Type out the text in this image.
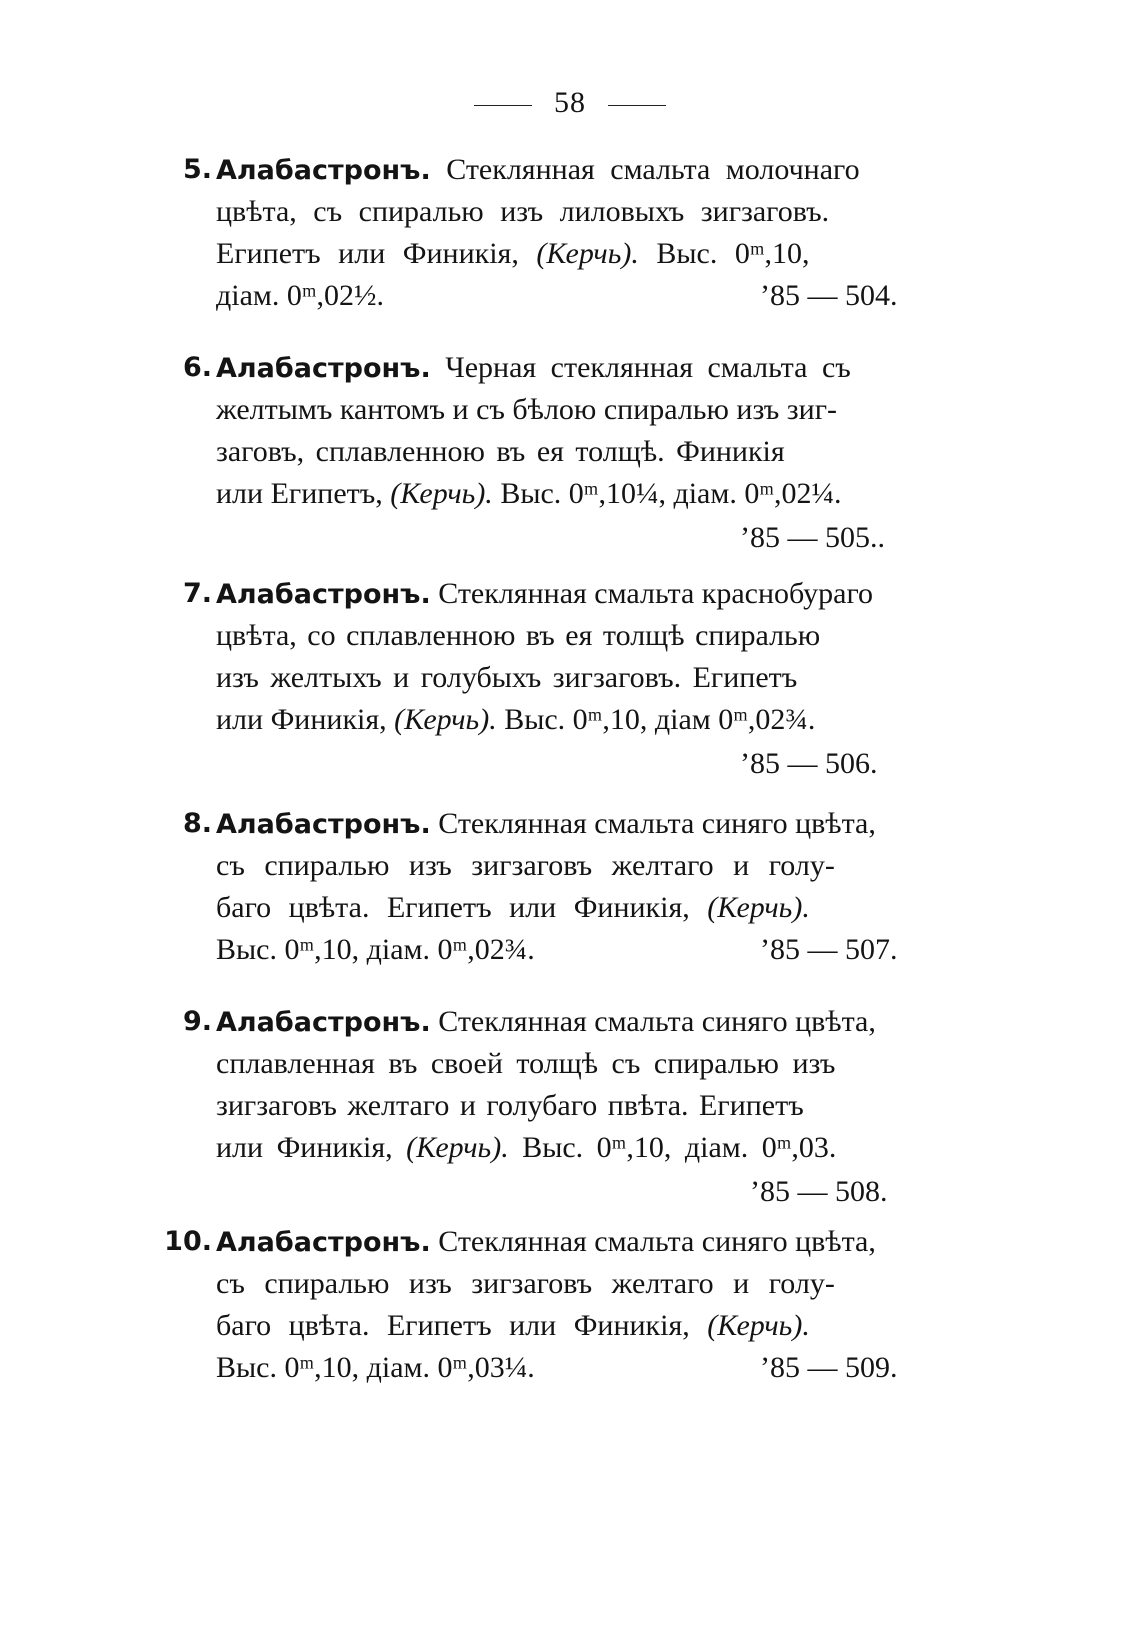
58
5. Алабастронъ. Стеклянная смальта молочнаго
цвѣта, съ спиралью изъ лиловыхъ зигзаговъ.
Египетъ или Финикія, (Керчь). Выс. 0ᵐ,10,
діам. 0ᵐ,02½.	’85 — 504.
6. Алабастронъ. Черная стеклянная смальта съ
желтымъ кантомъ и съ бѣлою спиралью изъ зиг-
заговъ, сплавленною въ ея толщѣ. Финикія
или Египетъ, (Керчь). Выс. 0ᵐ,10¼, діам. 0ᵐ,02¼.
’85 — 505..
7. Алабастронъ. Стеклянная смальта краснобураго
цвѣта, со сплавленною въ ея толщѣ спиралью
изъ желтыхъ и голубыхъ зигзаговъ. Египетъ
или Финикія, (Керчь). Выс. 0ᵐ,10, діам 0ᵐ,02¾.
’85 — 506.
8. Алабастронъ. Стеклянная смальта синяго цвѣта,
съ спиралью изъ зигзаговъ желтаго и голу-
баго цвѣта. Египетъ или Финикія, (Керчь).
Выс. 0ᵐ,10, діам. 0ᵐ,02¾.	’85 — 507.
9. Алабастронъ. Стеклянная смальта синяго цвѣта,
сплавленная въ своей толщѣ съ спиралью изъ
зигзаговъ желтаго и голубаго пвѣта. Египетъ
или Финикія, (Керчь). Выс. 0ᵐ,10, діам. 0ᵐ,03.
’85 — 508.
10. Алабастронъ. Стеклянная смальта синяго цвѣта,
съ спиралью изъ зигзаговъ желтаго и голу-
баго цвѣта. Египетъ или Финикія, (Керчь).
Выс. 0ᵐ,10, діам. 0ᵐ,03¼.	’85 — 509.
